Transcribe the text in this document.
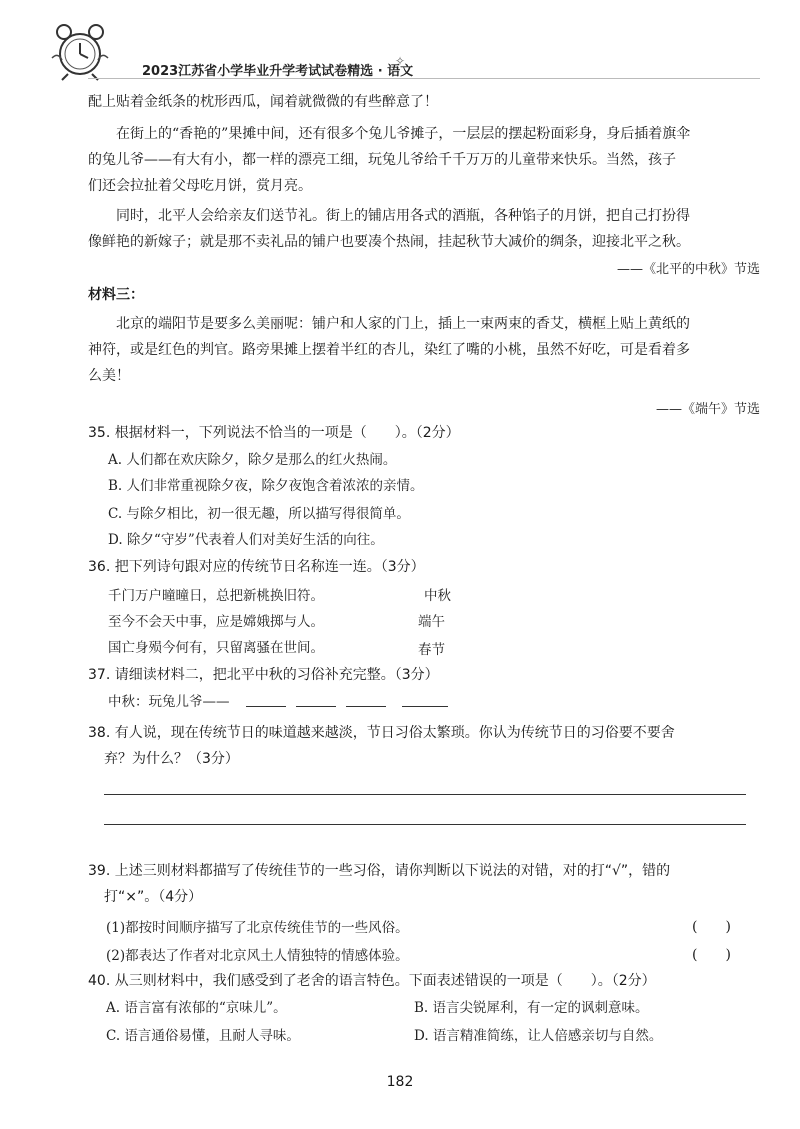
2023江苏省小学毕业升学考试试卷精选 · 语文
✧
配上贴着金纸条的枕形西瓜，闻着就微微的有些醉意了！
在街上的“香艳的”果摊中间，还有很多个兔儿爷摊子，一层层的摆起粉面彩身，身后插着旗伞
的兔儿爷——有大有小，都一样的漂亮工细，玩兔儿爷给千千万万的儿童带来快乐。当然，孩子
们还会拉扯着父母吃月饼，赏月亮。
同时，北平人会给亲友们送节礼。街上的铺店用各式的酒瓶，各种馅子的月饼，把自己打扮得
像鲜艳的新嫁子；就是那不卖礼品的铺户也要凑个热闹，挂起秋节大减价的绸条，迎接北平之秋。
——《北平的中秋》节选
材料三：
北京的端阳节是要多么美丽呢：铺户和人家的门上，插上一束两束的香艾，横框上贴上黄纸的
神符，或是红色的判官。路旁果摊上摆着半红的杏儿，染红了嘴的小桃，虽然不好吃，可是看着多
么美！
——《端午》节选
35. 根据材料一，下列说法不恰当的一项是（　　）。（2分）
A. 人们都在欢庆除夕，除夕是那么的红火热闹。
B. 人们非常重视除夕夜，除夕夜饱含着浓浓的亲情。
C. 与除夕相比，初一很无趣，所以描写得很简单。
D. 除夕“守岁”代表着人们对美好生活的向往。
36. 把下列诗句跟对应的传统节日名称连一连。（3分）
千门万户曈曈日，总把新桃换旧符。
至今不会天中事，应是嫦娥掷与人。
国亡身殒今何有，只留离骚在世间。
中秋
端午
春节
37. 请细读材料二，把北平中秋的习俗补充完整。（3分）
中秋：玩兔儿爷——
38. 有人说，现在传统节日的味道越来越淡，节日习俗太繁琐。你认为传统节日的习俗要不要舍
弃？为什么？（3分）
39. 上述三则材料都描写了传统佳节的一些习俗，请你判断以下说法的对错，对的打“√”，错的
打“×”。（4分）
(1)都按时间顺序描写了北京传统佳节的一些风俗。	(　　)
(2)都表达了作者对北京风土人情独特的情感体验。	(　　)
40. 从三则材料中，我们感受到了老舍的语言特色。下面表述错误的一项是（　　）。（2分）
A. 语言富有浓郁的“京味儿”。	B. 语言尖锐犀利，有一定的讽刺意味。
C. 语言通俗易懂，且耐人寻味。	D. 语言精准简练，让人倍感亲切与自然。
182
